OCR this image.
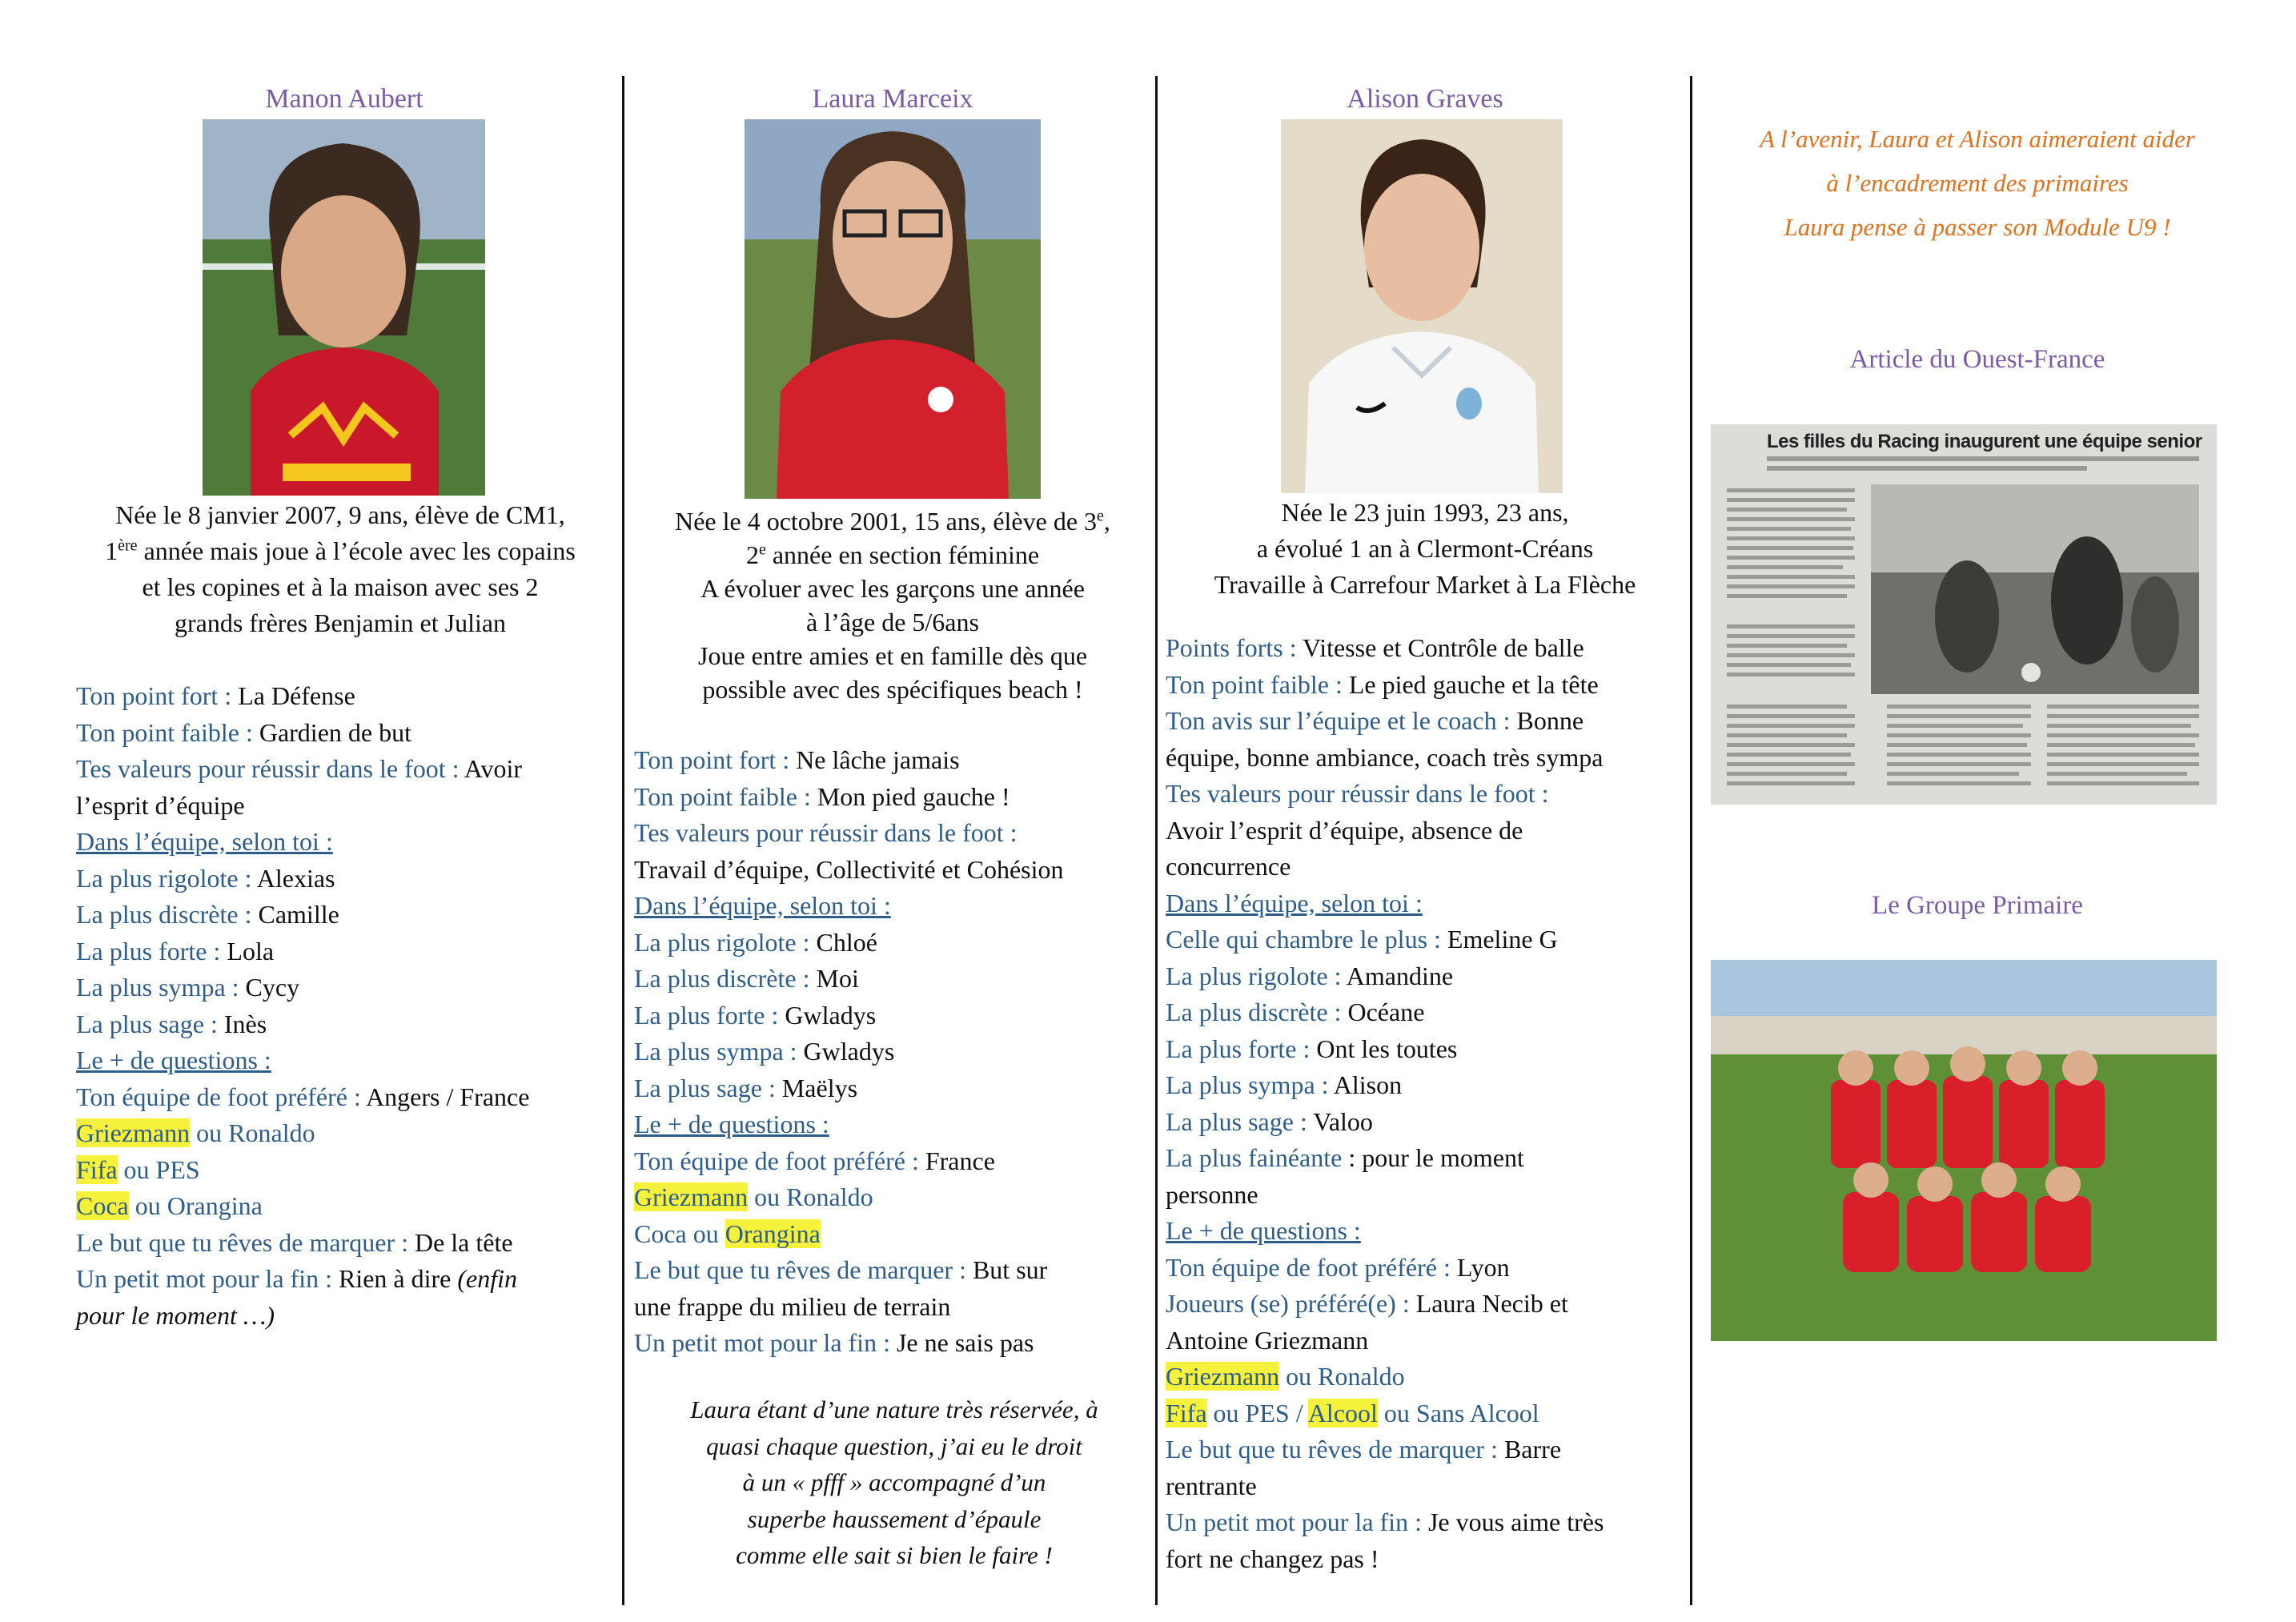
Manon Aubert
Née le 8 janvier 2007, 9 ans, élève de CM1,
1ère année mais joue à l’école avec les copains
et les copines et à la maison avec ses 2
grands frères Benjamin et Julian
Ton point fort : La Défense
Ton point faible : Gardien de but
Tes valeurs pour réussir dans le foot : Avoir
l’esprit d’équipe
Dans l’équipe, selon toi :
La plus rigolote : Alexias
La plus discrète : Camille
La plus forte : Lola
La plus sympa : Cycy
La plus sage : Inès
Le + de questions :
Ton équipe de foot préféré : Angers / France
Griezmann ou Ronaldo
Fifa ou PES
Coca ou Orangina
Le but que tu rêves de marquer : De la tête
Un petit mot pour la fin : Rien à dire (enfin
pour le moment …)
Laura Marceix
Née le 4 octobre 2001, 15 ans, élève de 3e,
2e année en section féminine
A évoluer avec les garçons une année
à l’âge de 5/6ans
Joue entre amies et en famille dès que
possible avec des spécifiques beach !
Ton point fort : Ne lâche jamais
Ton point faible : Mon pied gauche !
Tes valeurs pour réussir dans le foot :
Travail d’équipe, Collectivité et Cohésion
Dans l’équipe, selon toi :
La plus rigolote : Chloé
La plus discrète : Moi
La plus forte : Gwladys
La plus sympa : Gwladys
La plus sage : Maëlys
Le + de questions :
Ton équipe de foot préféré : France
Griezmann ou Ronaldo
Coca ou Orangina
Le but que tu rêves de marquer : But sur
une frappe du milieu de terrain
Un petit mot pour la fin : Je ne sais pas
Laura étant d’une nature très réservée, à
quasi chaque question, j’ai eu le droit
à un « pfff » accompagné d’un
superbe haussement d’épaule
comme elle sait si bien le faire !
Alison Graves
Née le 23 juin 1993, 23 ans,
a évolué 1 an à Clermont-Créans
Travaille à Carrefour Market à La Flèche
Points forts : Vitesse et Contrôle de balle
Ton point faible : Le pied gauche et la tête
Ton avis sur l’équipe et le coach : Bonne
équipe, bonne ambiance, coach très sympa
Tes valeurs pour réussir dans le foot :
Avoir l’esprit d’équipe, absence de
concurrence
Dans l’équipe, selon toi :
Celle qui chambre le plus : Emeline G
La plus rigolote : Amandine
La plus discrète : Océane
La plus forte : Ont les toutes
La plus sympa : Alison
La plus sage : Valoo
La plus fainéante : pour le moment
personne
Le + de questions :
Ton équipe de foot préféré : Lyon
Joueurs (se) préféré(e) : Laura Necib et
Antoine Griezmann
Griezmann ou Ronaldo
Fifa ou PES / Alcool ou Sans Alcool
Le but que tu rêves de marquer : Barre
rentrante
Un petit mot pour la fin : Je vous aime très
fort ne changez pas !
A l’avenir, Laura et Alison aimeraient aider
à l’encadrement des primaires
Laura pense à passer son Module U9 !
Article du Ouest-France
Les filles du Racing inaugurent une équipe senior
Le Groupe Primaire
